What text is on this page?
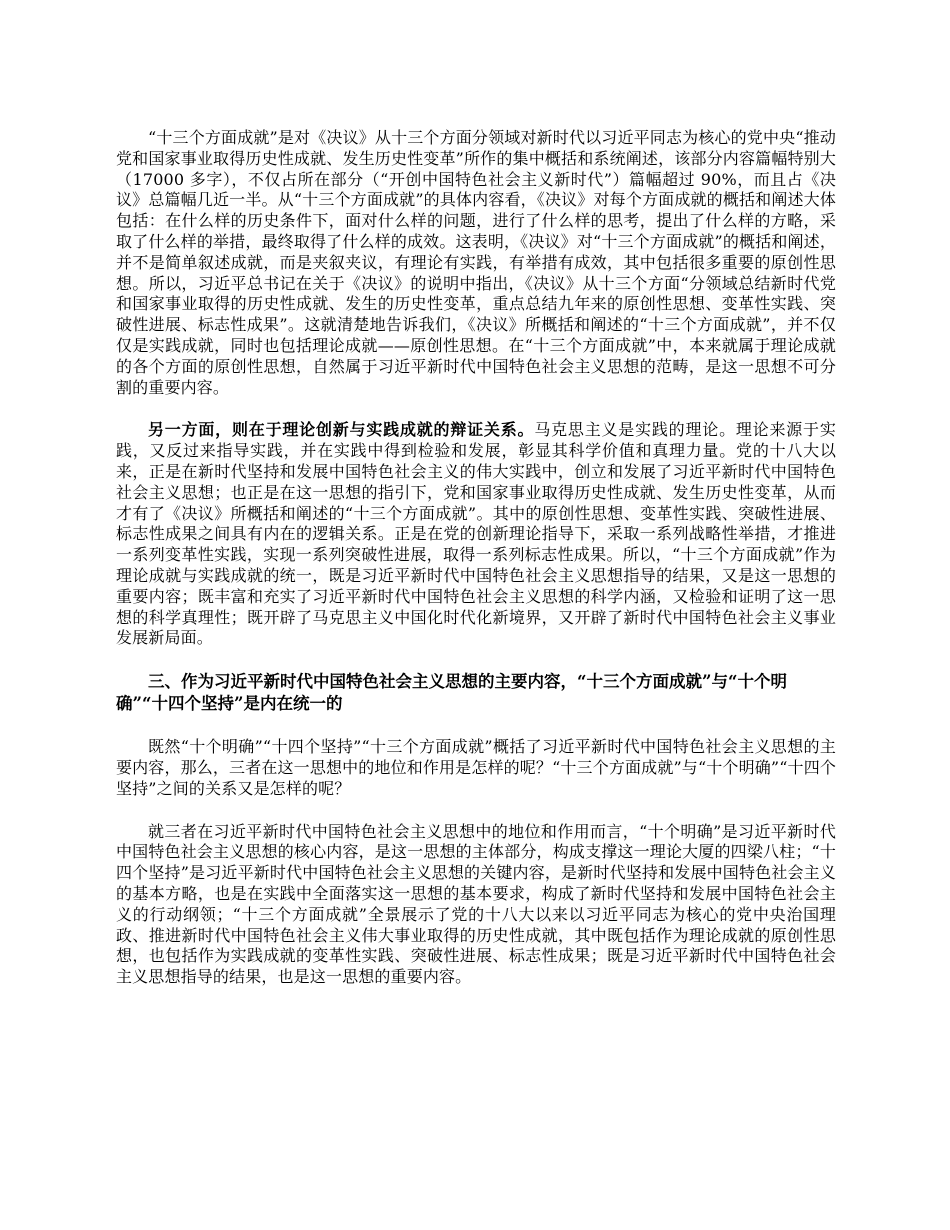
“十三个方面成就”是对《决议》从十三个方面分领域对新时代以习近平同志为核心的党中央“推动党和国家事业取得历史性成就、发生历史性变革”所作的集中概括和系统阐述，该部分内容篇幅特别大（17000 多字），不仅占所在部分（“开创中国特色社会主义新时代”）篇幅超过 90%，而且占《决议》总篇幅几近一半。从“十三个方面成就”的具体内容看，《决议》对每个方面成就的概括和阐述大体包括：在什么样的历史条件下，面对什么样的问题，进行了什么样的思考，提出了什么样的方略，采取了什么样的举措，最终取得了什么样的成效。这表明，《决议》对“十三个方面成就”的概括和阐述，并不是简单叙述成就，而是夹叙夹议，有理论有实践，有举措有成效，其中包括很多重要的原创性思想。所以，习近平总书记在关于《决议》的说明中指出，《决议》从十三个方面“分领域总结新时代党和国家事业取得的历史性成就、发生的历史性变革，重点总结九年来的原创性思想、变革性实践、突破性进展、标志性成果”。这就清楚地告诉我们，《决议》所概括和阐述的“十三个方面成就”，并不仅仅是实践成就，同时也包括理论成就——原创性思想。在“十三个方面成就”中，本来就属于理论成就的各个方面的原创性思想，自然属于习近平新时代中国特色社会主义思想的范畴，是这一思想不可分割的重要内容。

另一方面，则在于理论创新与实践成就的辩证关系。马克思主义是实践的理论。理论来源于实践，又反过来指导实践，并在实践中得到检验和发展，彰显其科学价值和真理力量。党的十八大以来，正是在新时代坚持和发展中国特色社会主义的伟大实践中，创立和发展了习近平新时代中国特色社会主义思想；也正是在这一思想的指引下，党和国家事业取得历史性成就、发生历史性变革，从而才有了《决议》所概括和阐述的“十三个方面成就”。其中的原创性思想、变革性实践、突破性进展、标志性成果之间具有内在的逻辑关系。正是在党的创新理论指导下，采取一系列战略性举措，才推进一系列变革性实践，实现一系列突破性进展，取得一系列标志性成果。所以，“十三个方面成就”作为理论成就与实践成就的统一，既是习近平新时代中国特色社会主义思想指导的结果，又是这一思想的重要内容；既丰富和充实了习近平新时代中国特色社会主义思想的科学内涵，又检验和证明了这一思想的科学真理性；既开辟了马克思主义中国化时代化新境界，又开辟了新时代中国特色社会主义事业发展新局面。

三、作为习近平新时代中国特色社会主义思想的主要内容，“十三个方面成就”与“十个明确”“十四个坚持”是内在统一的

既然“十个明确”“十四个坚持”“十三个方面成就”概括了习近平新时代中国特色社会主义思想的主要内容，那么，三者在这一思想中的地位和作用是怎样的呢？“十三个方面成就”与“十个明确”“十四个坚持”之间的关系又是怎样的呢？

就三者在习近平新时代中国特色社会主义思想中的地位和作用而言，“十个明确”是习近平新时代中国特色社会主义思想的核心内容，是这一思想的主体部分，构成支撑这一理论大厦的四梁八柱；“十四个坚持”是习近平新时代中国特色社会主义思想的关键内容，是新时代坚持和发展中国特色社会主义的基本方略，也是在实践中全面落实这一思想的基本要求，构成了新时代坚持和发展中国特色社会主义的行动纲领；“十三个方面成就”全景展示了党的十八大以来以习近平同志为核心的党中央治国理政、推进新时代中国特色社会主义伟大事业取得的历史性成就，其中既包括作为理论成就的原创性思想，也包括作为实践成就的变革性实践、突破性进展、标志性成果；既是习近平新时代中国特色社会主义思想指导的结果，也是这一思想的重要内容。
